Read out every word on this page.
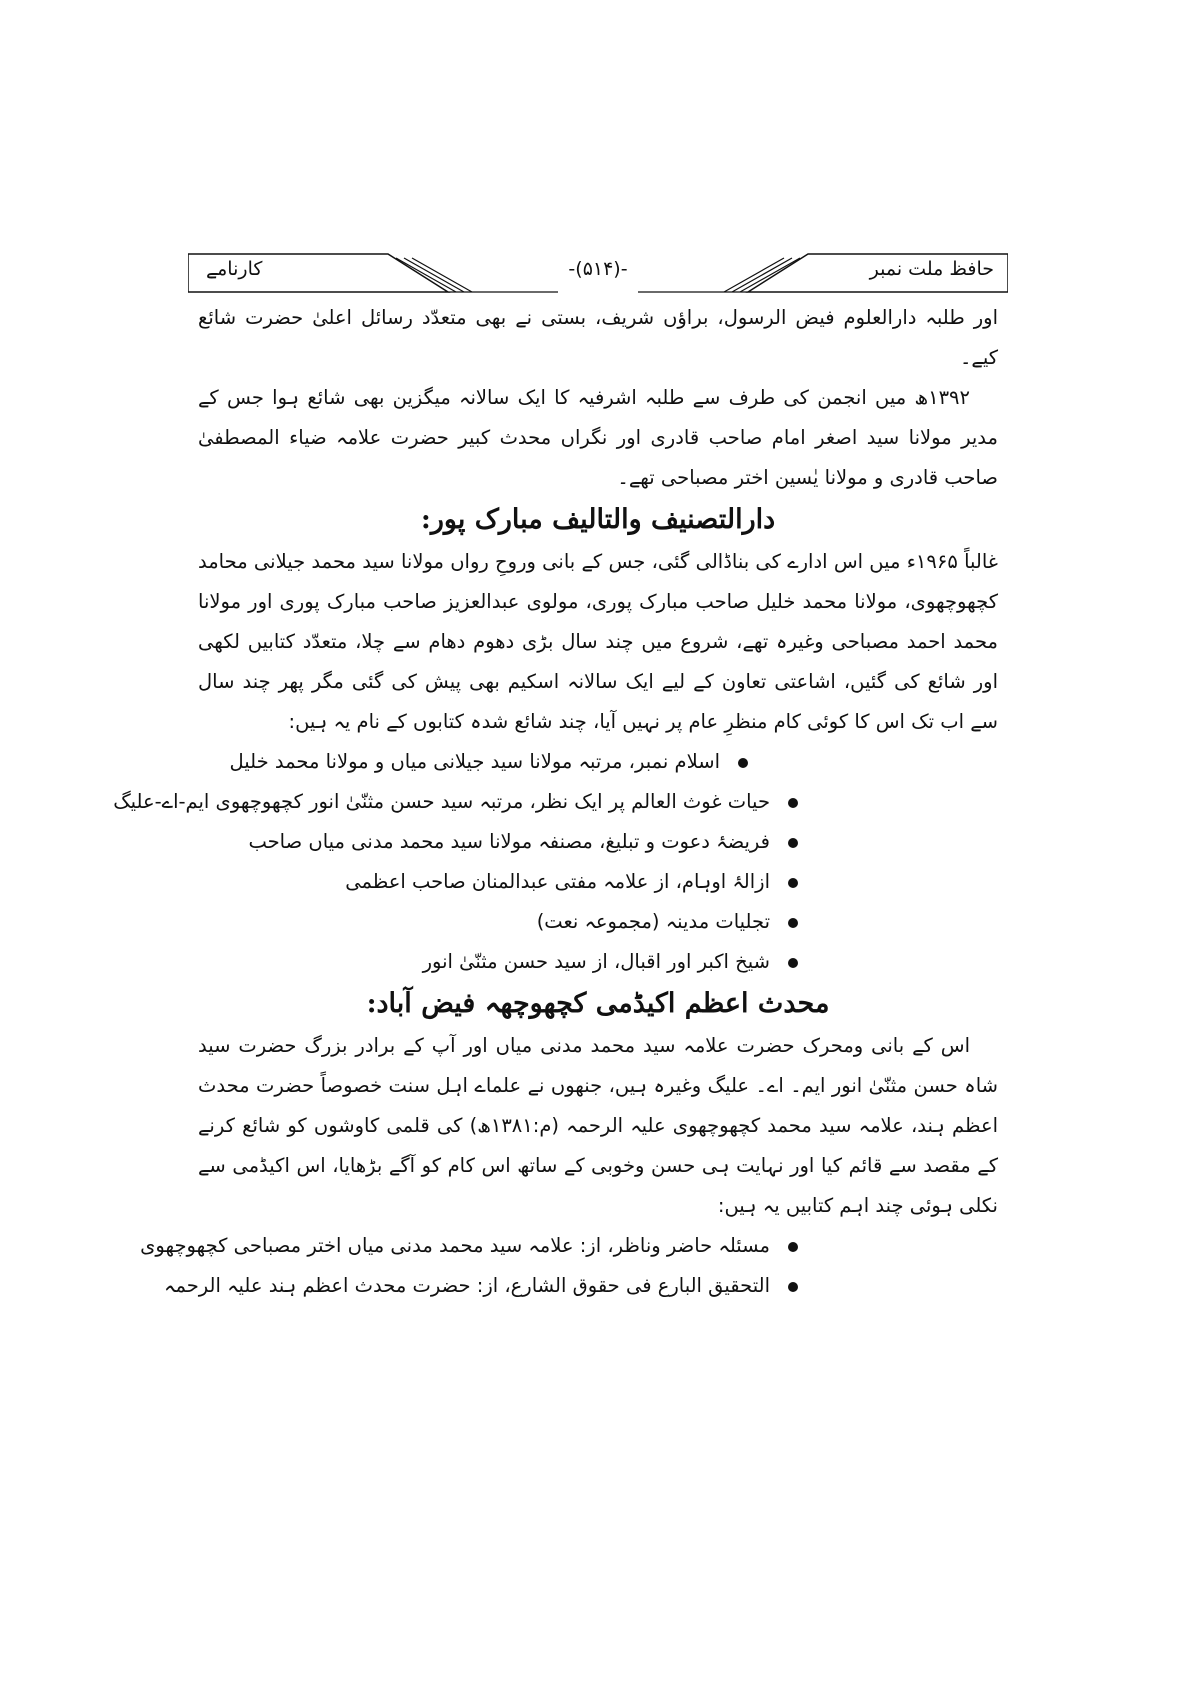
حافظ ملت نمبر
-(۵۱۴)-
کارنامے

اور طلبہ دارالعلوم فیض الرسول، براؤں شریف، بستی نے بھی متعدّد رسائل اعلیٰ حضرت شائع کیے۔

۱۳۹۲ھ میں انجمن کی طرف سے طلبہ اشرفیہ کا ایک سالانہ میگزین بھی شائع ہوا جس کے مدیر مولانا سید اصغر امام صاحب قادری اور نگراں محدث کبیر حضرت علامہ ضیاء المصطفیٰ صاحب قادری و مولانا یٰسین اختر مصباحی تھے۔

دارالتصنیف والتالیف مبارک پور:

غالباً ۱۹۶۵ء میں اس ادارے کی بناڈالی گئی، جس کے بانی وروحِ رواں مولانا سید محمد جیلانی محامد کچھوچھوی، مولانا محمد خلیل صاحب مبارک پوری، مولوی عبدالعزیز صاحب مبارک پوری اور مولانا محمد احمد مصباحی وغیرہ تھے، شروع میں چند سال بڑی دھوم دھام سے چلا، متعدّد کتابیں لکھی اور شائع کی گئیں، اشاعتی تعاون کے لیے ایک سالانہ اسکیم بھی پیش کی گئی مگر پھر چند سال سے اب تک اس کا کوئی کام منظرِ عام پر نہیں آیا، چند شائع شدہ کتابوں کے نام یہ ہیں:

اسلام نمبر، مرتبہ مولانا سید جیلانی میاں و مولانا محمد خلیل
حیات غوث العالم پر ایک نظر، مرتبہ سید حسن مثنّیٰ انور کچھوچھوی ایم-اے-علیگ
فریضۂ دعوت و تبلیغ، مصنفہ مولانا سید محمد مدنی میاں صاحب
ازالۂ اوہام، از علامہ مفتی عبدالمنان صاحب اعظمی
تجلیات مدینہ (مجموعہ نعت)
شیخ اکبر اور اقبال، از سید حسن مثنّیٰ انور
محدث اعظم اکیڈمی کچھوچھہ فیض آباد:

اس کے بانی ومحرک حضرت علامہ سید محمد مدنی میاں اور آپ کے برادر بزرگ حضرت سید شاہ حسن مثنّیٰ انور ایم۔ اے۔ علیگ وغیرہ ہیں، جنھوں نے علماے اہل سنت خصوصاً حضرت محدث اعظم ہند، علامہ سید محمد کچھوچھوی علیہ الرحمہ (م:۱۳۸۱ھ) کی قلمی کاوشوں کو شائع کرنے کے مقصد سے قائم کیا اور نہایت ہی حسن وخوبی کے ساتھ اس کام کو آگے بڑھایا، اس اکیڈمی سے نکلی ہوئی چند اہم کتابیں یہ ہیں:

مسئلہ حاضر وناظر، از: علامہ سید محمد مدنی میاں اختر مصباحی کچھوچھوی
التحقیق البارع فی حقوق الشارع، از: حضرت محدث اعظم ہند علیہ الرحمہ
